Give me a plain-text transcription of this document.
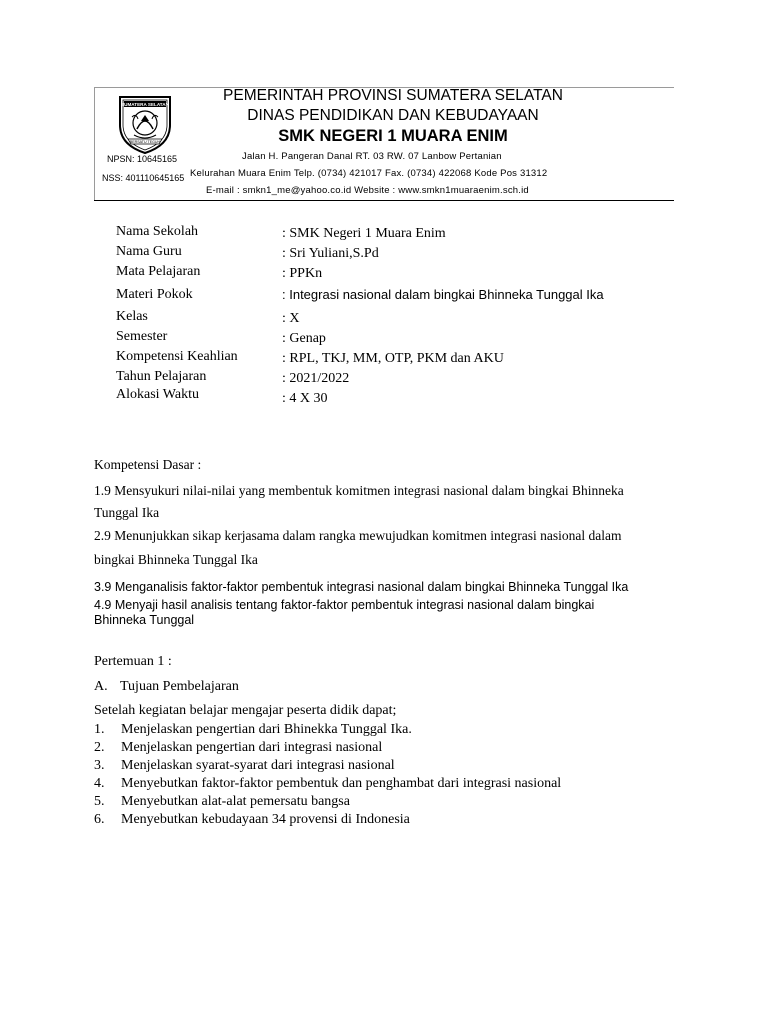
SUMATERA SELATAN
BERSATU TEGUH
PEMERINTAH PROVINSI SUMATERA SELATAN
DINAS PENDIDIKAN DAN KEBUDAYAAN
SMK NEGERI 1 MUARA ENIM
NPSN: 10645165
NSS: 401110645165
Jalan H. Pangeran Danal RT. 03 RW. 07 Lanbow Pertanian
Kelurahan Muara Enim Telp. (0734) 421017 Fax. (0734) 422068 Kode Pos 31312
E-mail : smkn1_me@yahoo.co.id Website : www.smkn1muaraenim.sch.id
Nama Sekolah	: SMK Negeri 1 Muara Enim
Nama Guru	: Sri Yuliani,S.Pd
Mata Pelajaran	: PPKn
Materi Pokok	: Integrasi nasional dalam bingkai Bhinneka Tunggal Ika
Kelas	: X
Semester	: Genap
Kompetensi Keahlian	: RPL, TKJ, MM, OTP, PKM dan AKU
Tahun Pelajaran	: 2021/2022
Alokasi Waktu	: 4 X 30
Kompetensi Dasar :
1.9 Mensyukuri nilai-nilai yang membentuk komitmen integrasi nasional dalam bingkai Bhinneka
Tunggal Ika
2.9 Menunjukkan sikap kerjasama dalam rangka mewujudkan komitmen integrasi nasional dalam
bingkai Bhinneka Tunggal Ika
3.9 Menganalisis faktor-faktor pembentuk integrasi nasional dalam bingkai Bhinneka Tunggal Ika
4.9 Menyaji hasil analisis tentang faktor-faktor pembentuk integrasi nasional dalam bingkai
Bhinneka Tunggal
Pertemuan 1 :
A. Tujuan Pembelajaran
Setelah kegiatan belajar mengajar peserta didik dapat;
1. Menjelaskan pengertian dari Bhinekka Tunggal Ika.
2. Menjelaskan pengertian dari integrasi nasional
3. Menjelaskan syarat-syarat dari integrasi nasional
4. Menyebutkan faktor-faktor pembentuk dan penghambat dari integrasi nasional
5. Menyebutkan alat-alat pemersatu bangsa
6. Menyebutkan kebudayaan 34 provensi di Indonesia
